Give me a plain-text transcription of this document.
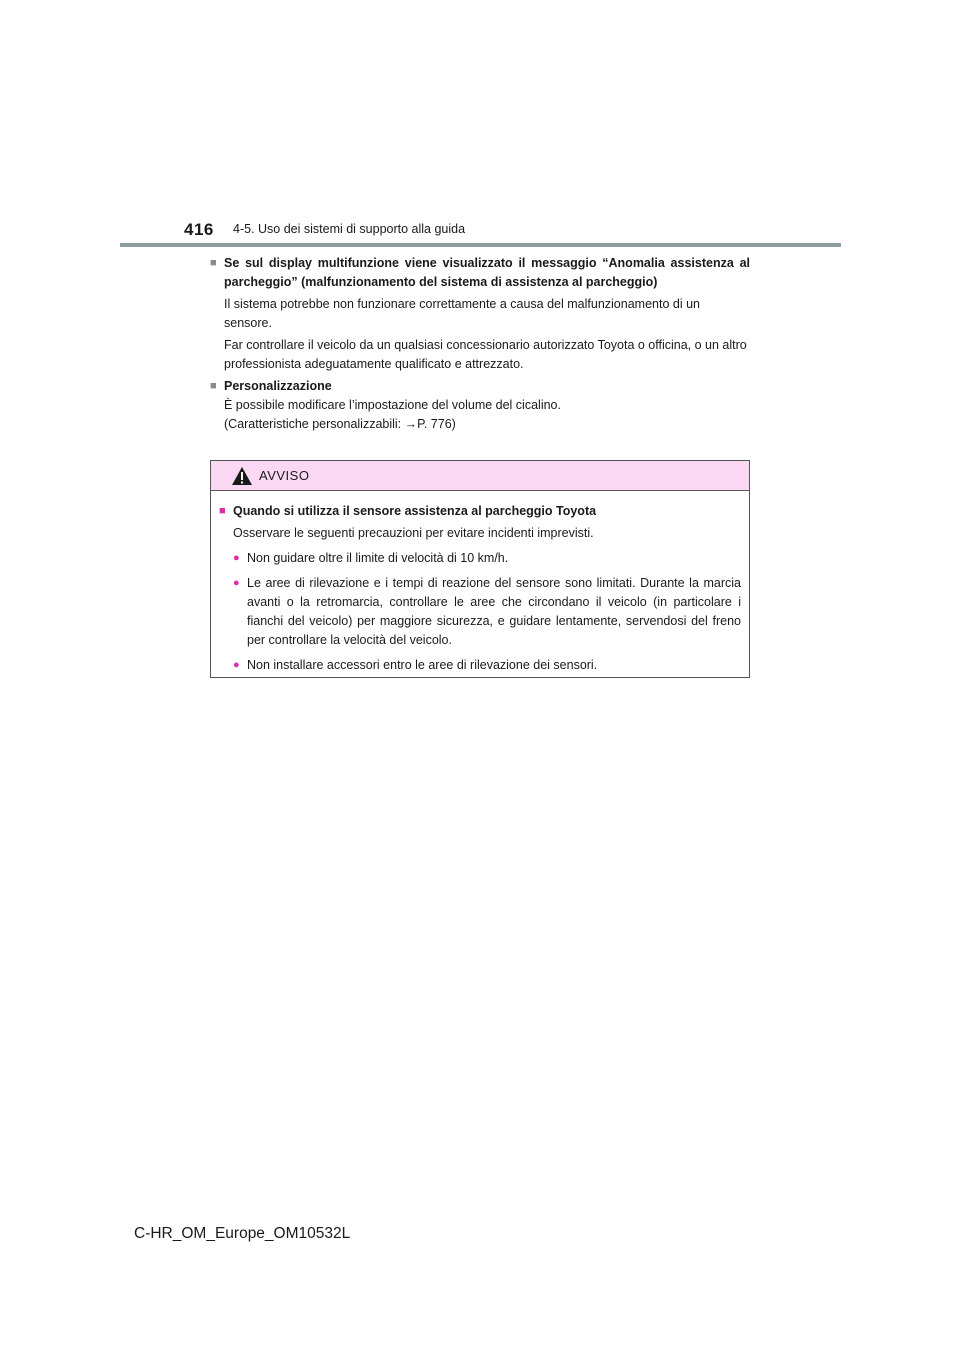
416 4-5. Uso dei sistemi di supporto alla guida
■ Se sul display multifunzione viene visualizzato il messaggio “Anomalia assistenza al parcheggio” (malfunzionamento del sistema di assistenza al parcheggio)
Il sistema potrebbe non funzionare correttamente a causa del malfunzionamento di un sensore.
Far controllare il veicolo da un qualsiasi concessionario autorizzato Toyota o officina, o un altro professionista adeguatamente qualificato e attrezzato.
■ Personalizzazione
È possibile modificare l’impostazione del volume del cicalino.
(Caratteristiche personalizzabili: →P. 776)
AVVISO
■ Quando si utilizza il sensore assistenza al parcheggio Toyota
Osservare le seguenti precauzioni per evitare incidenti imprevisti.
● Non guidare oltre il limite di velocità di 10 km/h.
● Le aree di rilevazione e i tempi di reazione del sensore sono limitati. Durante la marcia avanti o la retromarcia, controllare le aree che circondano il veicolo (in particolare i fianchi del veicolo) per maggiore sicurezza, e guidare lentamente, servendosi del freno per controllare la velocità del veicolo.
● Non installare accessori entro le aree di rilevazione dei sensori.
C-HR_OM_Europe_OM10532L
